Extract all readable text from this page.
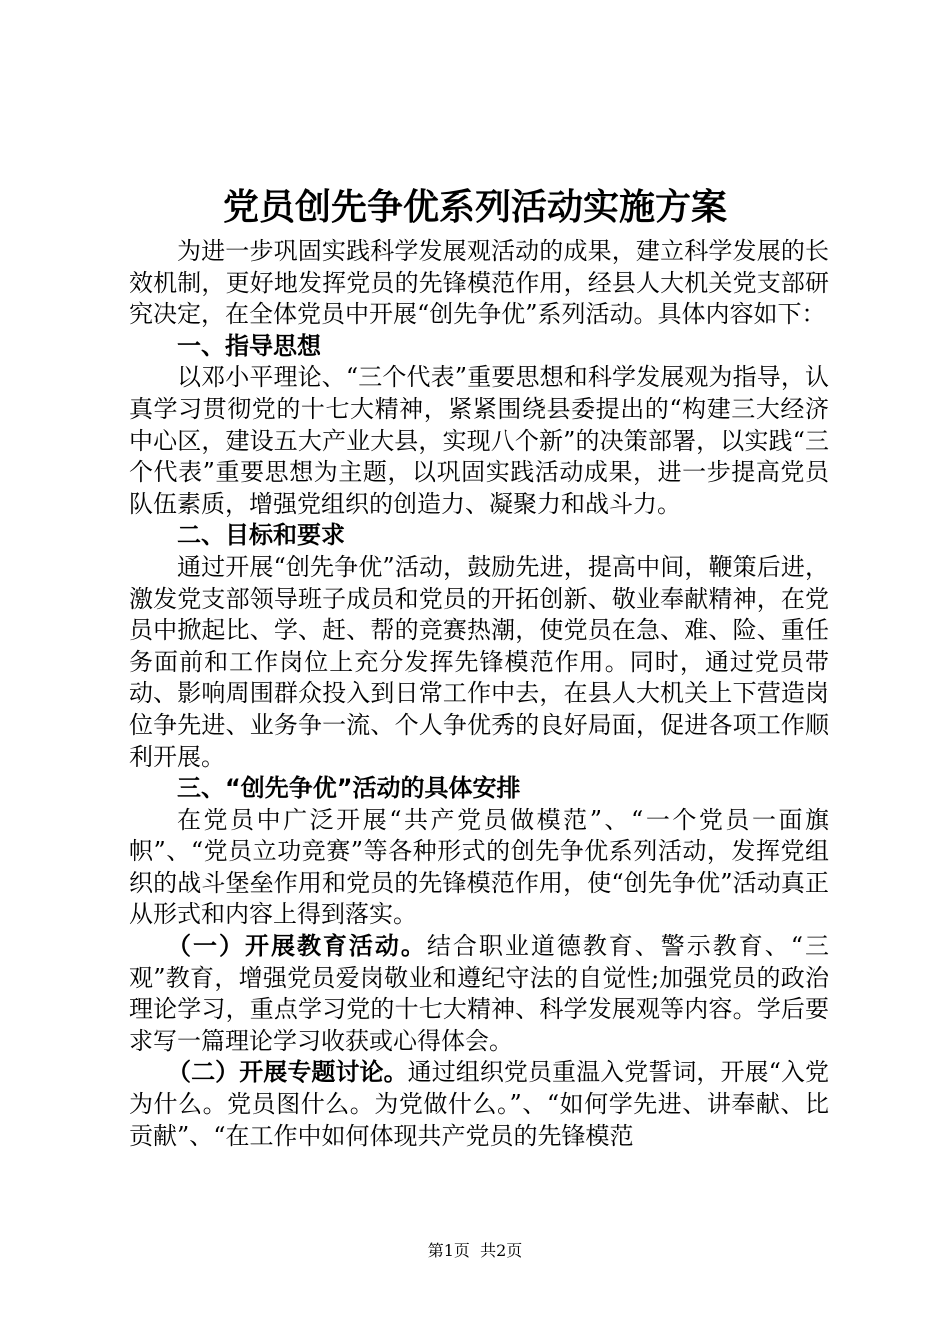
党员创先争优系列活动实施方案

为进一步巩固实践科学发展观活动的成果，建立科学发展的长效机制，更好地发挥党员的先锋模范作用，经县人大机关党支部研究决定，在全体党员中开展“创先争优”系列活动。具体内容如下：

一、指导思想

以邓小平理论、“三个代表”重要思想和科学发展观为指导，认真学习贯彻党的十七大精神，紧紧围绕县委提出的“构建三大经济中心区，建设五大产业大县，实现八个新”的决策部署，以实践“三个代表”重要思想为主题，以巩固实践活动成果，进一步提高党员队伍素质，增强党组织的创造力、凝聚力和战斗力。

二、目标和要求

通过开展“创先争优”活动，鼓励先进，提高中间，鞭策后进，激发党支部领导班子成员和党员的开拓创新、敬业奉献精神，在党员中掀起比、学、赶、帮的竞赛热潮，使党员在急、难、险、重任务面前和工作岗位上充分发挥先锋模范作用。同时，通过党员带动、影响周围群众投入到日常工作中去，在县人大机关上下营造岗位争先进、业务争一流、个人争优秀的良好局面，促进各项工作顺利开展。

三、“创先争优”活动的具体安排

在党员中广泛开展“共产党员做模范”、“一个党员一面旗帜”、“党员立功竞赛”等各种形式的创先争优系列活动，发挥党组织的战斗堡垒作用和党员的先锋模范作用，使“创先争优”活动真正从形式和内容上得到落实。

（一）开展教育活动。结合职业道德教育、警示教育、“三观”教育，增强党员爱岗敬业和遵纪守法的自觉性;加强党员的政治理论学习，重点学习党的十七大精神、科学发展观等内容。学后要求写一篇理论学习收获或心得体会。

（二）开展专题讨论。通过组织党员重温入党誓词，开展“入党为什么。党员图什么。为党做什么。”、“如何学先进、讲奉献、比贡献”、“在工作中如何体现共产党员的先锋模范

第1页 共2页
